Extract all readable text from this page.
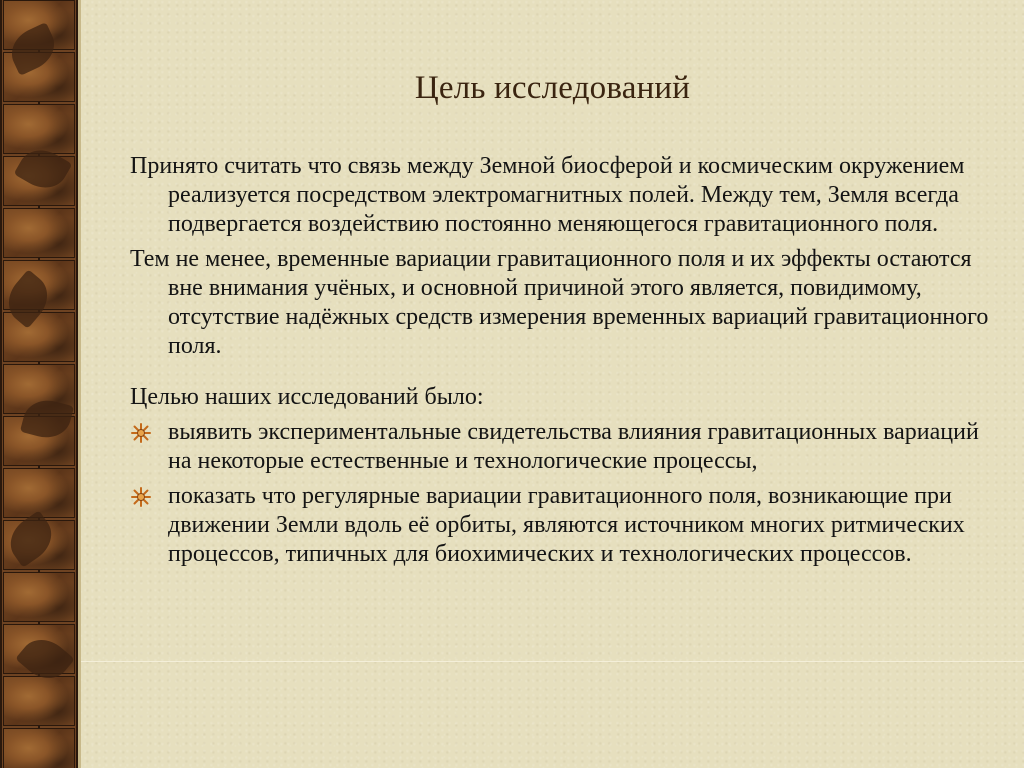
Цель исследований

Принято считать что связь между Земной биосферой и космическим окружением реализуется посредством электромагнитных полей. Между тем, Земля всегда подвергается воздействию постоянно меняющегося гравитационного поля.

Тем не менее, временные вариации гравитационного поля и их эффекты остаются вне внимания учёных, и основной причиной этого является, повидимому, отсутствие надёжных средств измерения временных вариаций гравитационного поля.

Целью наших исследований было:

выявить экспериментальные свидетельства влияния гравитационных вариаций на некоторые естественные и технологические процессы,
показать что регулярные вариации гравитационного поля, возникающие при движении Земли вдоль её орбиты, являются источником многих ритмических процессов, типичных для биохимических и технологических процессов.
